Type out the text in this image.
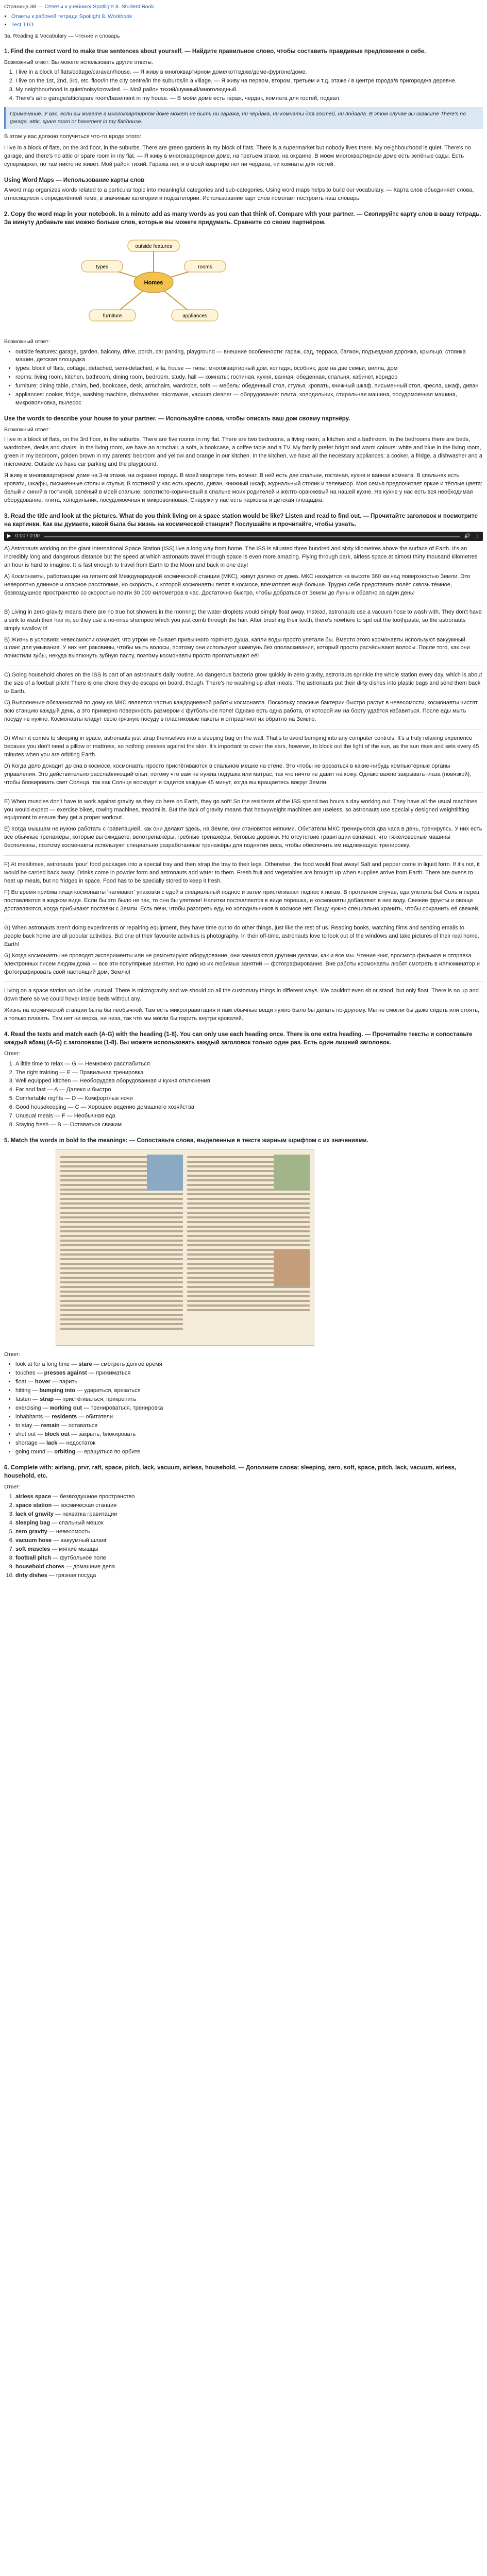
Страница 38 — Ответы к учебнику Spotlight 8. Student Book
• Ответы к рабочей тетради Spotlight 8. Workbook
• Test TTO
3a. Reading & Vocabulary — Чтение и словарь
1. Find the correct word to make true sentences about yourself. — Найдите правильное слово, чтобы составить правдивые предложения о себе.
Возможный ответ: Вы можете использовать другие ответы.
1. I live in a block of flats/cottage/caravan/house. — Я живу в многоквартирном доме/коттедже/доме-фургоне/доме.
2. I live on the 1st, 2nd, 3rd, etc. floor/in the city centre/in the suburbs/in a village. — Я живу на первом, втором, третьем и т.д. этаже / в центре города/в пригороде/в деревне.
3. My neighbourhood is quiet/noisy/crowded. — Мой район тихий/шумный/многолюдный.
4. There's a/no garage/attic/spare room/basement in my house. — В моём доме есть гараж, чердак, комната для гостей, подвал.
Примечание. У вас, если вы живёте в многоквартирном доме может не быть ни гаража, ни чердака, ни комнаты для гостей, ни подвала. В этом случае вы скажите There's no garage, attic, spare room or basement in my flat/house.

В этом у вас должно получиться что-то вроде этого:

I live in a block of flats, on the 3rd floor, in the suburbs. There are green gardens in my block of flats. There is a supermarket but nobody lives there. My neighbourhood is quiet. There's no garage, and there's no attic or spare room in my flat. — Я живу в многоквартирном доме, на третьем этаже, на окраине. В моём многоквартирном доме есть зелёные сады. Есть супермаркет, но там никто не живёт. Мой район тихий. Гаража нет, и в моей квартире нет ни чердака, ни комнаты для гостей.

Using Word Maps — Использование карты слов

A word map organizes words related to a particular topic into meaningful categories and sub-categories. Using word maps helps to build our vocabulary. — Карта слов объединяет слова, относящиеся к определённой теме, в значимые категории и подкатегории. Использование карт слов помогает построить наш словарь.

2. Copy the word map in your notebook. In a minute add as many words as you can that think of. Compare with your partner. — Скопируйте карту слов в вашу тетрадь. За минуту добавьте как можно больше слов, которые вы можете придумать. Сравните со своим партнёром.
Homes
outside features
types	rooms
furniture	appliances
Возможный ответ:
• outside features: garage, garden, balcony, drive, porch, car parking, playground — внешние особенности: гараж, сад, терраса, балкон, подъездная дорожка, крыльцо, стоянка машин, детская площадка
• types: block of flats, cottage, detached, semi-detached, villa, house — типы: многоквартирный дом, коттедж, особняк, дом на две семьи, вилла, дом
• rooms: living room, kitchen, bathroom, dining room, bedroom, study, hall — комнаты: гостиная, кухня, ванная, обеденная, спальня, кабинет, коридор
• furniture: dining table, chairs, bed, bookcase, desk, armchairs, wardrobe, sofa — мебель: обеденный стол, стулья, кровать, книжный шкаф, письменный стол, кресла, шкаф, диван
• appliances: cooker, fridge, washing machine, dishwasher, microwave, vacuum cleaner — оборудование: плита, холодильник, стиральная машина, посудомоечная машина, микроволновка, пылесос
Use the words to describe your house to your partner. — Используйте слова, чтобы описать ваш дом своему партнёру.
Возможный ответ:

I live in a block of flats, on the 3rd floor, in the suburbs. There are five rooms in my flat. There are two bedrooms, a living room, a kitchen and a bathroom. In the bedrooms there are beds, wardrobes, desks and chairs. In the living room, we have an armchair, a sofa, a bookcase, a coffee table and a TV. My family prefer bright and warm colours: white and blue in the living room, green in my bedroom, golden brown in my parents' bedroom and yellow and orange in our kitchen. In the kitchen, we have all the necessary appliances: a cooker, a fridge, a dishwasher and a microwave. Outside we have car parking and the playground.

Я живу в многоквартирном доме на 3-м этаже, на окраине города. В моей квартире пять комнат. В ней есть две спальни, гостиная, кухня и ванная комната. В спальнях есть кровати, шкафы, письменные столы и стулья. В гостиной у нас есть кресло, диван, книжный шкаф, журнальный столик и телевизор. Моя семья предпочитает яркие и тёплые цвета: белый и синий в гостиной, зелёный в моей спальне, золотисто-коричневый в спальне моих родителей и жёлто-оранжевый на нашей кухне. На кухне у нас есть вся необходимая оборудование: плита, холодильник, посудомоечная и микроволновая. Снаружи у нас есть парковка и детская площадка.

3. Read the title and look at the pictures. What do you think living on a space station would be like? Listen and read to find out. — Прочитайте заголовок и посмотрите на картинки. Как вы думаете, какой была бы жизнь на космической станции? Послушайте и прочитайте, чтобы узнать.
▶ 0:00 / 0:00	🔊 ⋮

A) Astronauts working on the giant International Space Station (ISS) live a long way from home. The ISS is situated three hundred and sixty kilometres above the surface of Earth. It's an incredibly long and dangerous distance but the speed at which astronauts travel through space is even more amazing. Flying through dark, airless space at almost thirty thousand kilometres an hour is hard to imagine. It is fast enough to travel from Earth to the Moon and back in one day!

A) Космонавты, работающие на гигантской Международной космической станции (МКС), живут далеко от дома. МКС находится на высоте 360 км над поверхностью Земли. Это невероятно длинное и опасное расстояние, но скорость, с которой космонавты летят в космосе, впечатляет ещё больше. Трудно себе представить полёт сквозь тёмное, безвоздушное пространство со скоростью почти 30 000 километров в час. Достаточно быстро, чтобы добраться от Земли до Луны и обратно за один день!

B) Living in zero gravity means there are no true hot showers in the morning; the water droplets would simply float away. Instead, astronauts use a vacuum hose to wash with. They don't have a sink to wash their hair in, so they use a no-rinse shampoo which you just comb through the hair. After brushing their teeth, there's nowhere to spit out the toothpaste, so the astronauts simply swallow it!

B) Жизнь в условиях невесомости означает, что утром не бывает привычного горячего душа, капли воды просто улетали бы. Вместо этого космонавты используют вакуумный шланг для умывания. У них нет раковины, чтобы мыть волосы, поэтому они используют шампунь без ополаскивания, который просто расчёсывают волосы. После того, как они почистили зубы, некуда выплюнуть зубную пасту, поэтому космонавты просто проглатывают её!

C) Going household chores on the ISS is part of an astronaut's daily routine. As dangerous bacteria grow quickly in zero gravity, astronauts sprinkle the whole station every day, which is about the size of a football pitch! There is one chore they do escape on board, though. There's no washing up after meals. The astronauts put their dirty dishes into plastic bags and send them back to Earth.

C) Выполнение обязанностей по дому на МКС является частью каждодневной работы космонавта. Поскольку опасные бактерии быстро растут в невесомости, космонавты чистят всю станцию каждый день, а это примерно поверхность размером с футбольное поле! Однако есть одна работа, от которой им на борту удаётся избавиться. После еды мыть посуду не нужно. Космонавты кладут свою грязную посуду в пластиковые пакеты и отправляют их обратно на Землю.

D) When it comes to sleeping in space, astronauts just strap themselves into a sleeping bag on the wall. That's to avoid bumping into any computer controls. It's a truly relaxing experience because you don't need a pillow or mattress, so nothing presses against the skin. It's important to cover the ears, however, to block out the light of the sun, as the sun rises and sets every 45 minutes when you are orbiting Earth.

D) Когда дело доходит до сна в космосе, космонавты просто пристёгиваются в спальном мешке на стене. Это чтобы не врезаться в какие-нибудь компьютерные органы управления. Это действительно расслабляющий опыт, потому что вам не нужна подушка или матрас, так что ничто не давит на кожу. Однако важно закрывать глаза (повязкой), чтобы блокировать свет Солнца, так как Солнце восходит и садится каждые 45 минут, когда вы вращаетесь вокруг Земли.

E) When muscles don't have to work against gravity as they do here on Earth, they go soft! So the residents of the ISS spend two hours a day working out. They have all the usual machines you would expect — exercise bikes, rowing machines, treadmills. But the lack of gravity means that heavyweight machines are useless, so astronauts use specially designed weightlifting equipment to ensure they get a proper workout.

E) Когда мышцам не нужно работать с гравитацией, как они делают здесь, на Земле, они становятся мягкими. Обитатели МКС тренируются два часа в день, тренируясь. У них есть все обычные тренажёры, которые вы ожидаете: велотренажёры, гребные тренажёры, беговые дорожки. Но отсутствие гравитации означает, что тяжеловесные машины бесполезны, поэтому космонавты используют специально разработанные тренажёры для поднятия веса, чтобы обеспечить им надлежащую тренировку.

F) At mealtimes, astronauts 'pour' food packages into a special tray and then strap the tray to their legs. Otherwise, the food would float away! Salt and pepper come in liquid form. If it's not, it would be carried back away! Drinks come in powder form and astronauts add water to them. Fresh fruit and vegetables are brought up when supplies arrive from Earth. There are ovens to heat up meals, but no fridges in space. Food has to be specially stored to keep it fresh.

F) Во время приёма пищи космонавты 'наливают' упаковки с едой в специальный поднос и затем пристёгивают поднос к ногам. В противном случае, еда улетела бы! Соль и перец поставляются в жидком виде. Если бы это было не так, то они бы улетели! Напитки поставляются в виде порошка, и космонавты добавляют в них воду. Свежие фрукты и овощи доставляются, когда прибывают поставки с Земли. Есть печи, чтобы разогреть еду, но холодильников в космосе нет. Пищу нужно специально хранить, чтобы сохранить её свежей.

G) When astronauts aren't doing experiments or repairing equipment, they have time out to do other things, just like the rest of us. Reading books, watching films and sending emails to people back home are all popular activities. But one of their favourite activities is photography. In their off-time, astronauts love to look out of the windows and take pictures of their real home, Earth!

G) Когда космонавты не проводят эксперименты или не ремонтируют оборудование, они занимаются другими делами, как и все мы. Чтение книг, просмотр фильмов и отправка электронных писем людям дома — все эти популярные занятия. Но одно из их любимых занятий — фотографирование. Вне работы космонавты любят смотреть в иллюминатор и фотографировать свой настоящий дом, Землю!

Living on a space station would be unusual. There is microgravity and we should do all the customary things in different ways. We couldn't even sit or stand, but only float. There is no up and down there so we could hover inside beds without any.

Жизнь на космической станции была бы необычной. Там есть микрогравитация и нам обычные вещи нужно было бы делать по-другому. Мы не смогли бы даже сидеть или стоять, а только плавать. Там нет ни верха, ни низа, так что мы могли бы парить внутри кроватей.

4. Read the texts and match each (A-G) with the heading (1-8). You can only use each heading once. There is one extra heading. — Прочитайте тексты и сопоставьте каждый абзац (A-G) с заголовком (1-8). Вы можете использовать каждый заголовок только один раз. Есть один лишний заголовок.
Ответ:
1. A little time to relax — G — Немножко расслабиться
2. The right training — E — Правильная тренировка
3. Well equipped kitchen — Hеоборудова оборудованная и кухня отключения
4. Far and fast — A — Далеко и быстро
5. Comfortable nights — D — Комфортные ночи
6. Good housekeeping — C — Хорошее ведение домашнего хозяйства
7. Unusual meals — F — Необычная еда
8. Staying fresh — B — Оставаться свежим
5. Match the words in bold to the meanings: — Сопоставьте слова, выделенные в тексте жирным шрифтом с их значениями.
Ответ:
• look at for a long time — stare — смотреть долгое время
• touches — presses against — прижиматься
• float — hover — парить
• hitting — bumping into — удариться, врезаться
• fasten — strap — пристёгиваться, прикрепить
• exercising — working out — тренироваться, тренировка
• inhabitants — residents — обитатели
• to stay — remain — оставаться
• shut out — block out — закрыть, блокировать
• shortage — lack — недостаток
• going round — orbiting — вращаться по орбите
6. Complete with: airlang, prvr, raft, space, pitch, lack, vacuum, airless, household. — Дополните слова: sleeping, zero, soft, space, pitch, lack, vacuum, airless, household, etc.
Ответ:
1. airless space — безвоздушное пространство
2. space station — космическая станция
3. lack of gravity — нехватка гравитации
4. sleeping bag — спальный мешок
5. zero gravity — невесомость
6. vacuum hose — вакуумный шланг
7. soft muscles — мягкие мышцы
8. football pitch — футбольное поле
9. household chores — домашние дела
10. dirty dishes — грязная посуда
